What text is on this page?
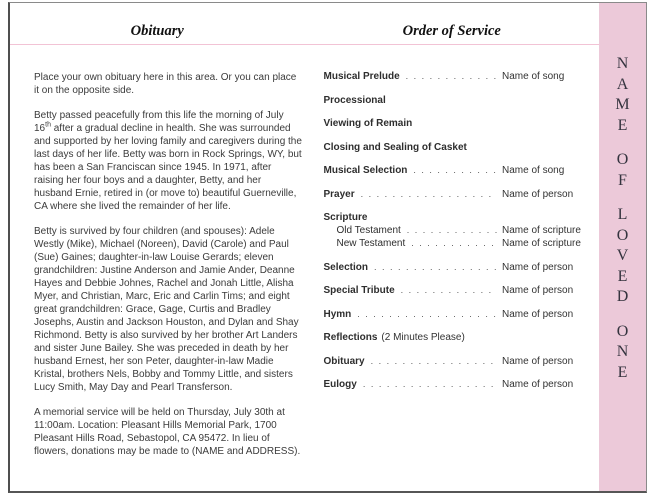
Obituary	Order of Service

Place your own obituary here in this area. Or you can place it on the opposite side.

Betty passed peacefully from this life the morning of July 16th after a gradual decline in health. She was surrounded and supported by her loving family and caregivers during the last days of her life. Betty was born in Rock Springs, WY, but has been a San Franciscan since 1945. In 1971, after raising her four boys and a daughter, Betty, and her husband Ernie, retired in (or move to) beautiful Guerneville, CA where she lived the remainder of her life.

Betty is survived by four children (and spouses): Adele Westly (Mike), Michael (Noreen), David (Carole) and Paul (Sue) Gaines; daughter-in-law Louise Gerards; eleven grandchildren: Justine Anderson and Jamie Ander, Deanne Hayes and Debbie Johnes, Rachel and Jonah Little, Alisha Myer, and Christian, Marc, Eric and Carlin Tims; and eight great grandchildren: Grace, Gage, Curtis and Bradley Josephs, Austin and Jackson Houston, and Dylan and Shay Richmond. Betty is also survived by her brother Art Landers and sister June Bailey. She was preceded in death by her husband Ernest, her son Peter, daughter-in-law Madie Kristal, brothers Nels, Bobby and Tommy Little, and sisters Lucy Smith, May Day and Pearl Transferson.

A memorial service will be held on Thursday, July 30th at 11:00am. Location: Pleasant Hills Memorial Park, 1700 Pleasant Hills Road, Sebastopol, CA 95472. In lieu of flowers, donations may be made to (NAME and ADDRESS).

Musical Prelude . . .	Name of song
Processional
Viewing of Remain
Closing and Sealing of Casket
Musical Selection . . .	Name of song
Prayer . . .	Name of person
Scripture
Old Testament . . .	Name of scripture
New Testament . . .	Name of scripture
Selection . . .	Name of person
Special Tribute . . .	Name of person
Hymn . . .	Name of person
Reflections (2 Minutes Please)
Obituary . . .	Name of person
Eulogy . . .	Name of person
N
A
M
E
O
F
L
O
V
E
D
O
N
E
